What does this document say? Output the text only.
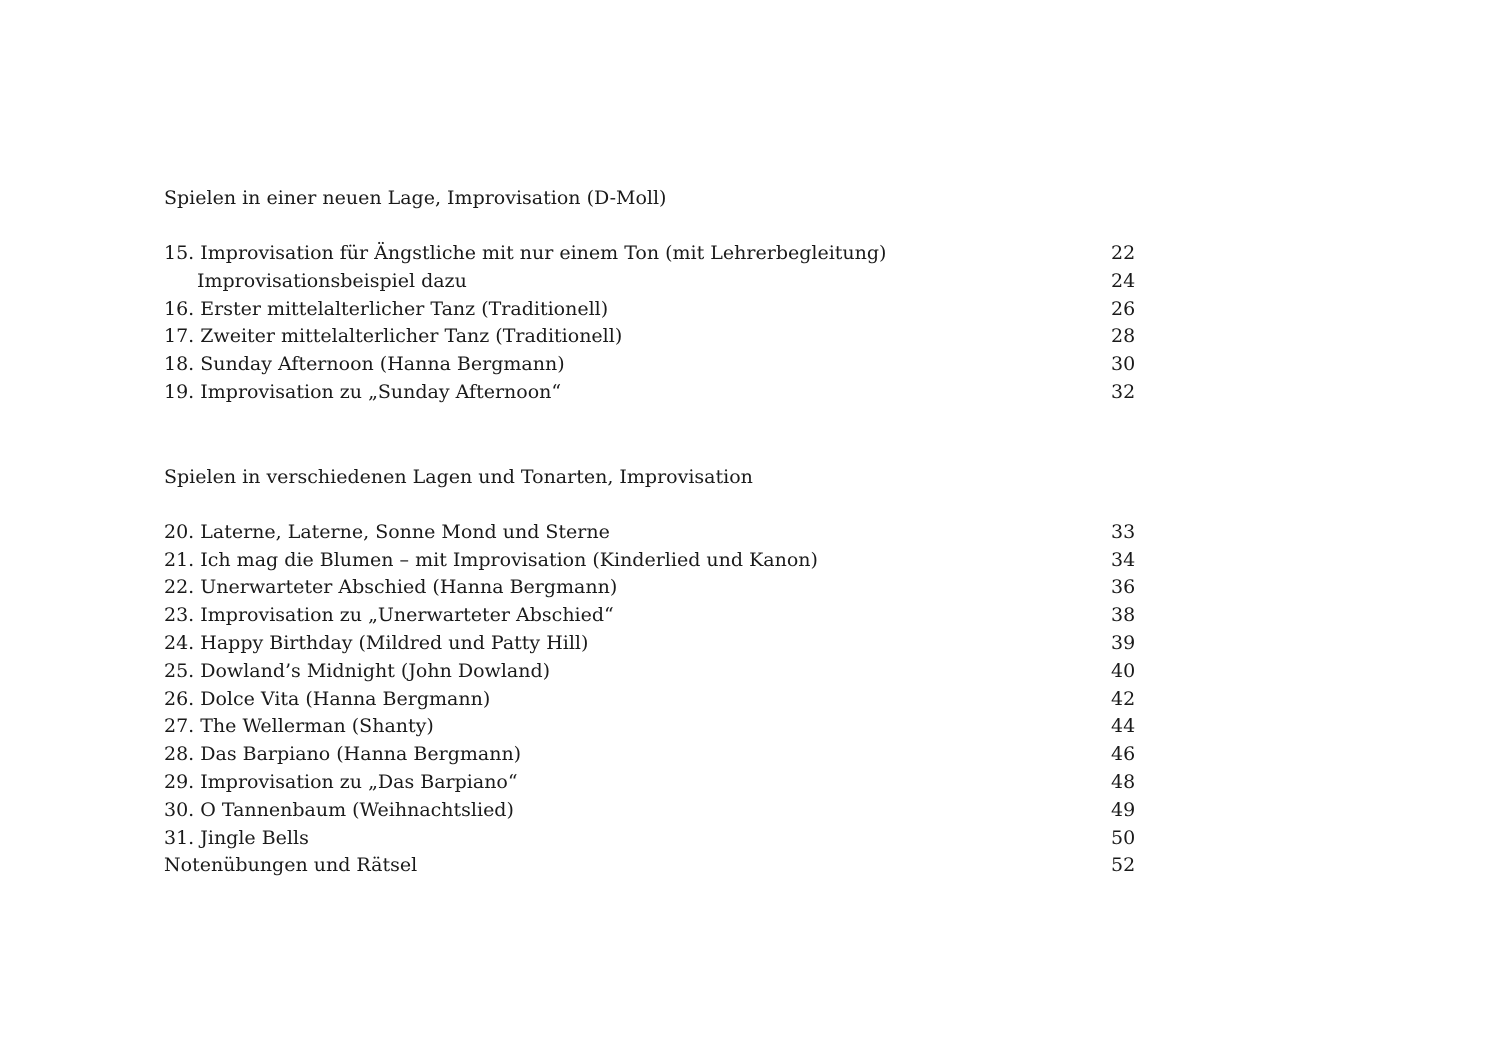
Spielen in einer neuen Lage, Improvisation (D-Moll)
15. Improvisation für Ängstliche mit nur einem Ton (mit Lehrerbegleitung)	22
Improvisationsbeispiel dazu	24
16. Erster mittelalterlicher Tanz (Traditionell)	26
17. Zweiter mittelalterlicher Tanz (Traditionell)	28
18. Sunday Afternoon (Hanna Bergmann)	30
19. Improvisation zu „Sunday Afternoon“	32
Spielen in verschiedenen Lagen und Tonarten, Improvisation
20. Laterne, Laterne, Sonne Mond und Sterne	33
21. Ich mag die Blumen – mit Improvisation (Kinderlied und Kanon)	34
22. Unerwarteter Abschied (Hanna Bergmann)	36
23. Improvisation zu „Unerwarteter Abschied“	38
24. Happy Birthday (Mildred und Patty Hill)	39
25. Dowland’s Midnight (John Dowland)	40
26. Dolce Vita (Hanna Bergmann)	42
27. The Wellerman (Shanty)	44
28. Das Barpiano (Hanna Bergmann)	46
29. Improvisation zu „Das Barpiano“	48
30. O Tannenbaum (Weihnachtslied)	49
31. Jingle Bells	50
Notenübungen und Rätsel	52
